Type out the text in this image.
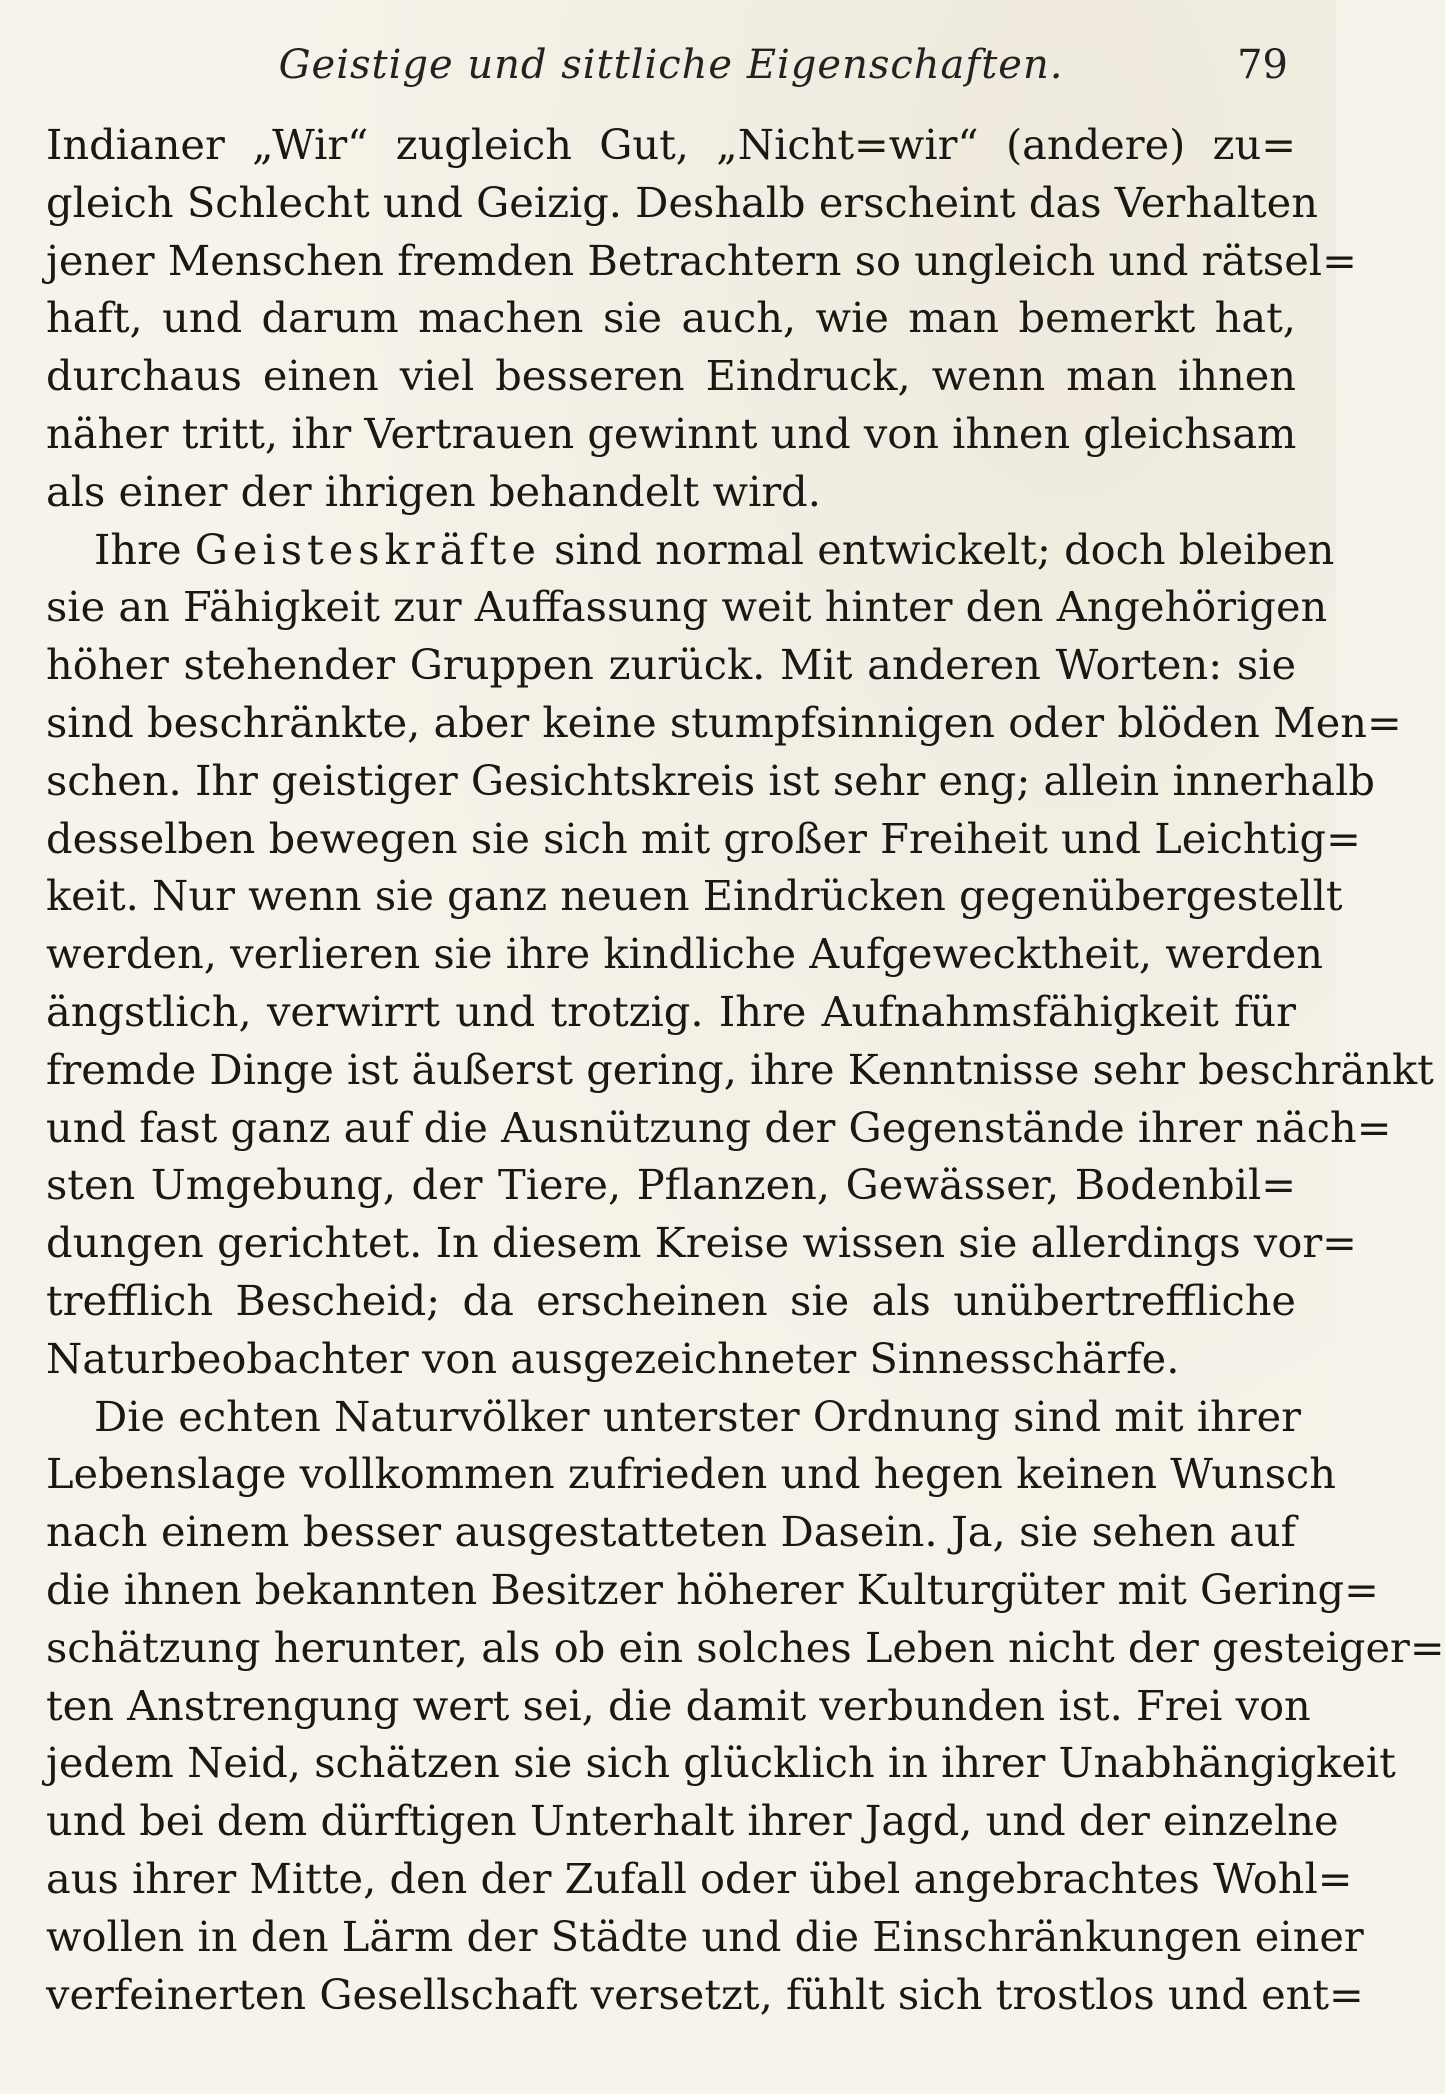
Geistige und sittliche Eigenschaften.	79

Indianer „Wir“ zugleich Gut, „Nicht=wir“ (andere) zu=
gleich Schlecht und Geizig. Deshalb erscheint das Verhalten
jener Menschen fremden Betrachtern so ungleich und rätsel=
haft, und darum machen sie auch, wie man bemerkt hat,
durchaus einen viel besseren Eindruck, wenn man ihnen
näher tritt, ihr Vertrauen gewinnt und von ihnen gleichsam
als einer der ihrigen behandelt wird.

Ihre Geisteskräfte sind normal entwickelt; doch bleiben
sie an Fähigkeit zur Auffassung weit hinter den Angehörigen
höher stehender Gruppen zurück. Mit anderen Worten: sie
sind beschränkte, aber keine stumpfsinnigen oder blöden Men=
schen. Ihr geistiger Gesichtskreis ist sehr eng; allein innerhalb
desselben bewegen sie sich mit großer Freiheit und Leichtig=
keit. Nur wenn sie ganz neuen Eindrücken gegenübergestellt
werden, verlieren sie ihre kindliche Aufgewecktheit, werden
ängstlich, verwirrt und trotzig. Ihre Aufnahmsfähigkeit für
fremde Dinge ist äußerst gering, ihre Kenntnisse sehr beschränkt
und fast ganz auf die Ausnützung der Gegenstände ihrer näch=
sten Umgebung, der Tiere, Pflanzen, Gewässer, Bodenbil=
dungen gerichtet. In diesem Kreise wissen sie allerdings vor=
trefflich Bescheid; da erscheinen sie als unübertreffliche
Naturbeobachter von ausgezeichneter Sinnesschärfe.

Die echten Naturvölker unterster Ordnung sind mit ihrer
Lebenslage vollkommen zufrieden und hegen keinen Wunsch
nach einem besser ausgestatteten Dasein. Ja, sie sehen auf
die ihnen bekannten Besitzer höherer Kulturgüter mit Gering=
schätzung herunter, als ob ein solches Leben nicht der gesteiger=
ten Anstrengung wert sei, die damit verbunden ist. Frei von
jedem Neid, schätzen sie sich glücklich in ihrer Unabhängigkeit
und bei dem dürftigen Unterhalt ihrer Jagd, und der einzelne
aus ihrer Mitte, den der Zufall oder übel angebrachtes Wohl=
wollen in den Lärm der Städte und die Einschränkungen einer
verfeinerten Gesellschaft versetzt, fühlt sich trostlos und ent=
